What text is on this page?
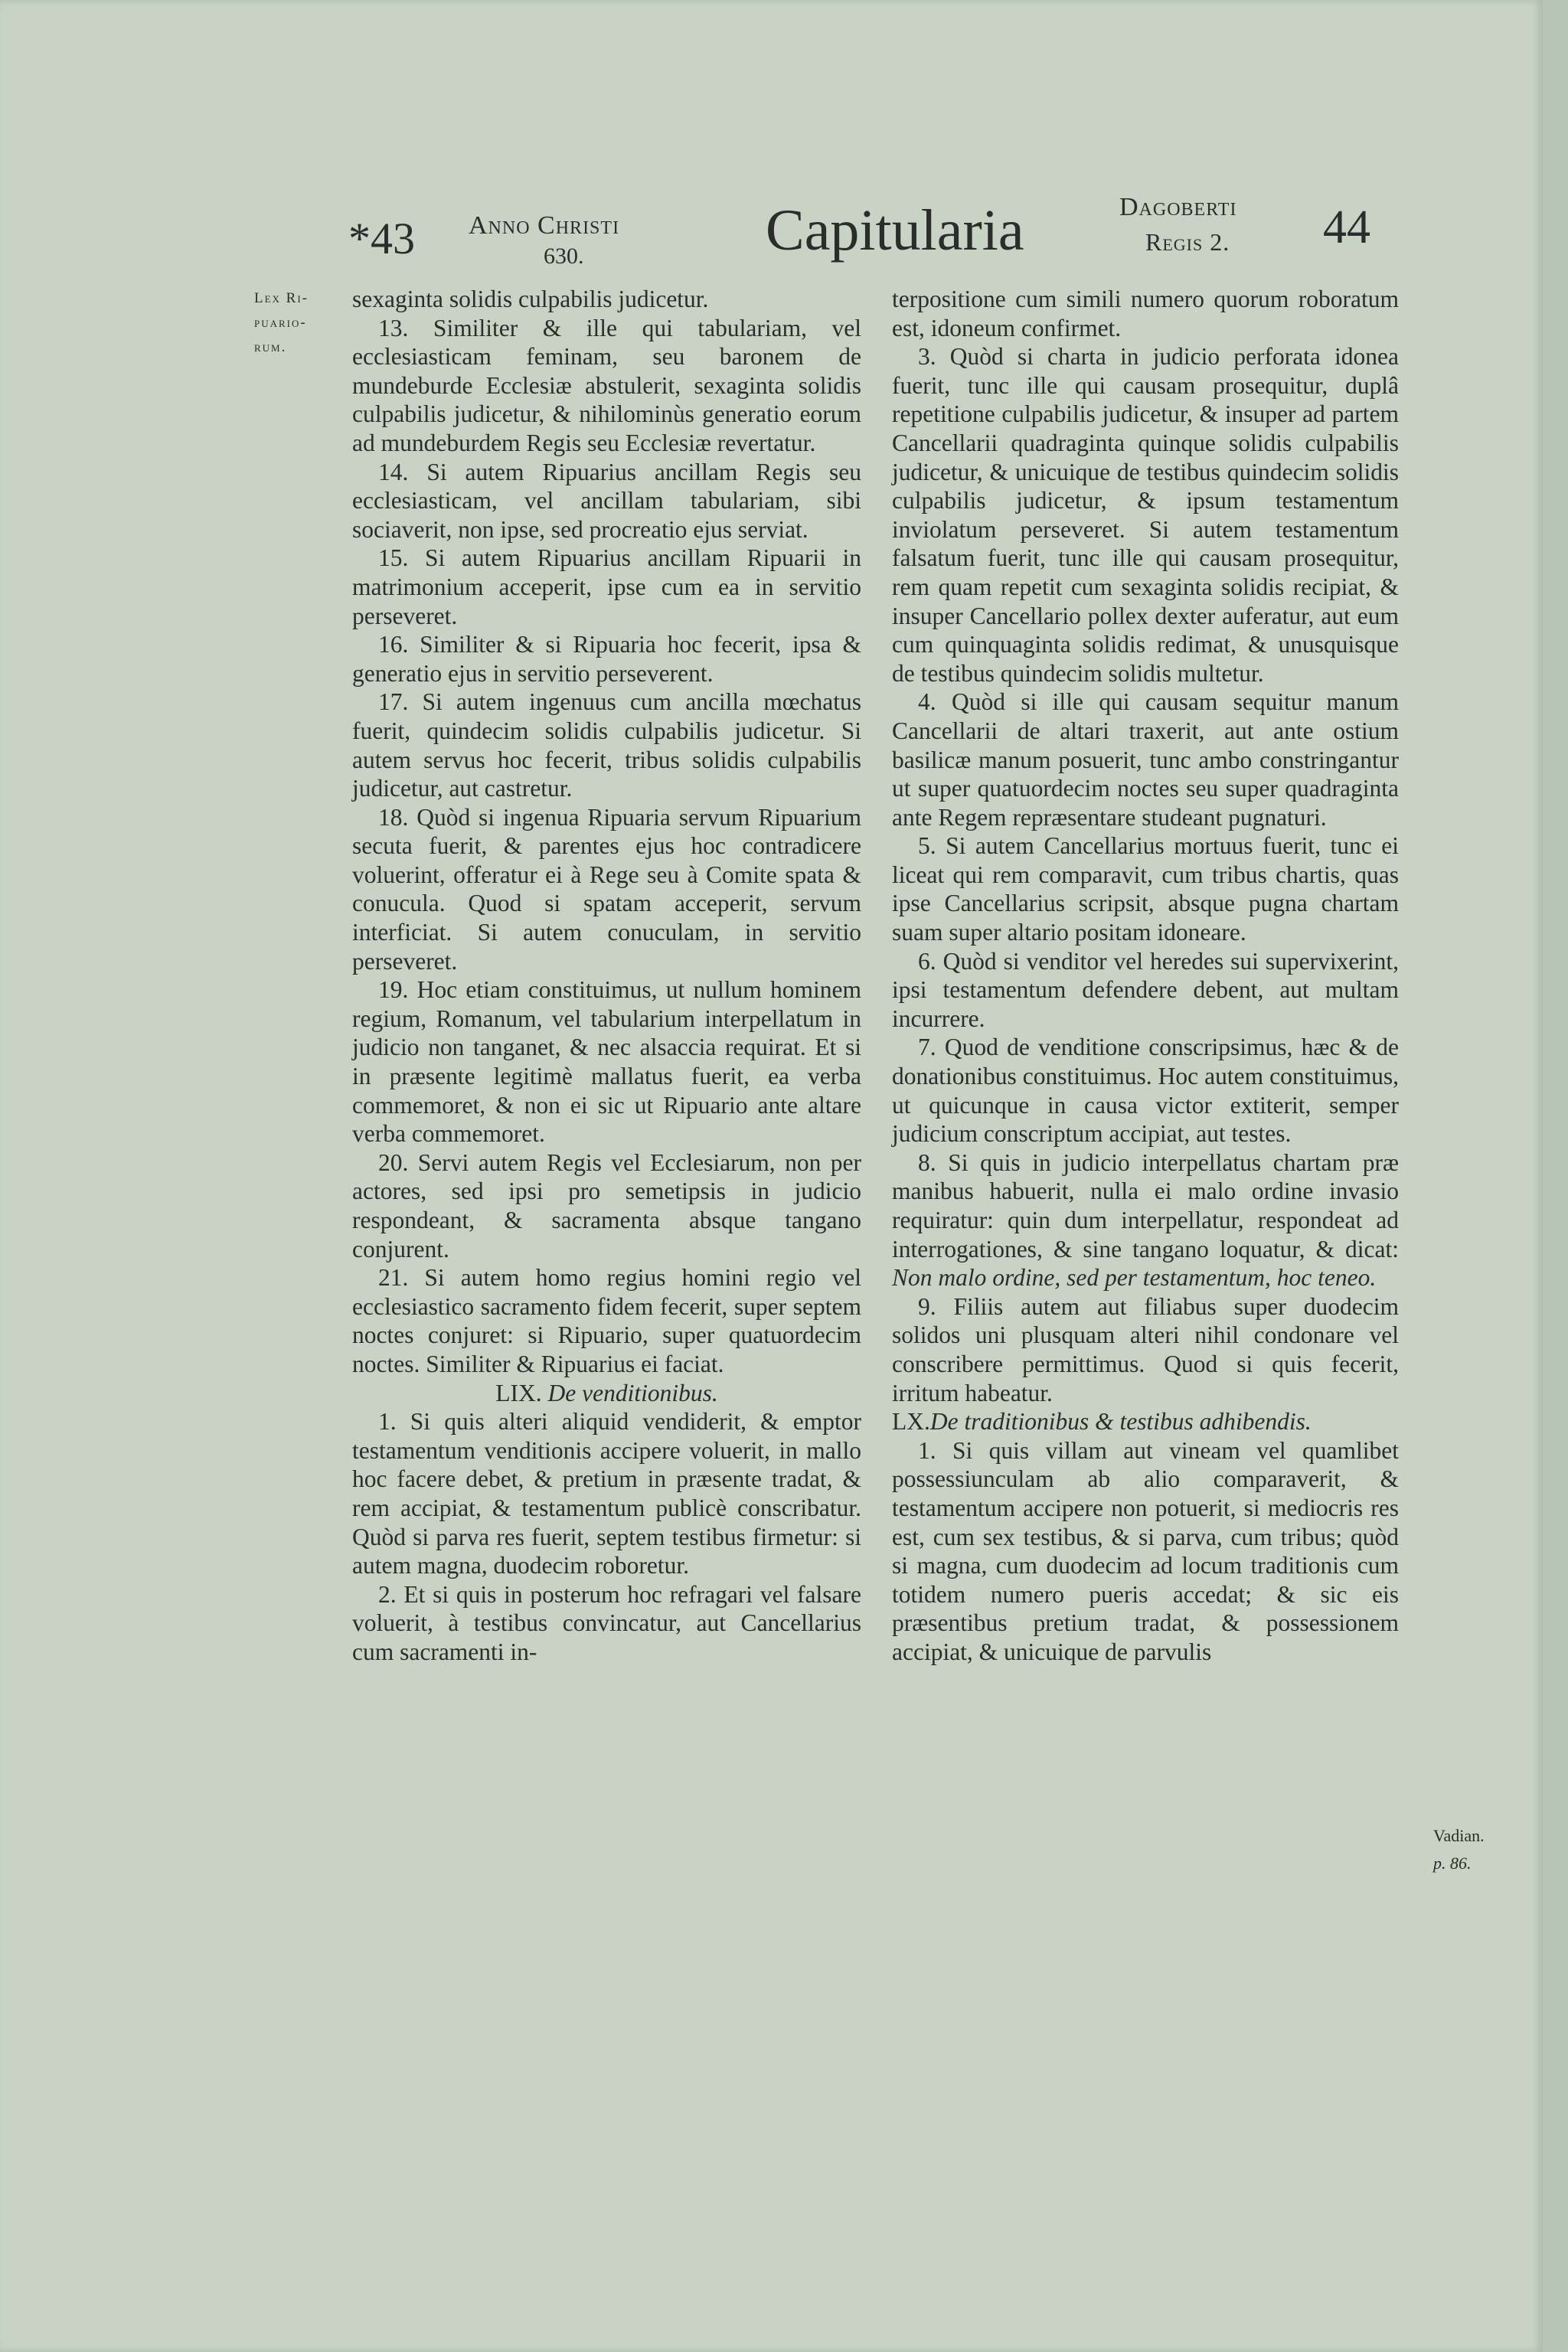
*43 Anno Christi
630.	Capitularia	Dagoberti
Regis 2. 44
Lex Ri-
puario-
rum.
Vadian.
p. 86.

sexaginta solidis culpabilis judicetur.

13. Similiter & ille qui tabulariam, vel ecclesiasticam feminam, seu baronem de mundeburde Ecclesiæ abstulerit, sexaginta solidis culpabilis judicetur, & nihilominùs generatio eorum ad mundeburdem Regis seu Ecclesiæ revertatur.

14. Si autem Ripuarius ancillam Regis seu ecclesiasticam, vel ancillam tabulariam, sibi sociaverit, non ipse, sed procreatio ejus serviat.

15. Si autem Ripuarius ancillam Ripuarii in matrimonium acceperit, ipse cum ea in servitio perseveret.

16. Similiter & si Ripuaria hoc fecerit, ipsa & generatio ejus in servitio perseverent.

17. Si autem ingenuus cum ancilla mœchatus fuerit, quindecim solidis culpabilis judicetur. Si autem servus hoc fecerit, tribus solidis culpabilis judicetur, aut castretur.

18. Quòd si ingenua Ripuaria servum Ripuarium secuta fuerit, & parentes ejus hoc contradicere voluerint, offeratur ei à Rege seu à Comite spata & conucula. Quod si spatam acceperit, servum interficiat. Si autem conuculam, in servitio perseveret.

19. Hoc etiam constituimus, ut nullum hominem regium, Romanum, vel tabularium interpellatum in judicio non tanganet, & nec alsaccia requirat. Et si in præsente legitimè mallatus fuerit, ea verba commemoret, & non ei sic ut Ripuario ante altare verba commemoret.

20. Servi autem Regis vel Ecclesiarum, non per actores, sed ipsi pro semetipsis in judicio respondeant, & sacramenta absque tangano conjurent.

21. Si autem homo regius homini regio vel ecclesiastico sacramento fidem fecerit, super septem noctes conjuret: si Ripuario, super quatuordecim noctes. Similiter & Ripuarius ei faciat.

LIX. De venditionibus.

1. Si quis alteri aliquid vendiderit, & emptor testamentum venditionis accipere voluerit, in mallo hoc facere debet, & pretium in præsente tradat, & rem accipiat, & testamentum publicè conscribatur. Quòd si parva res fuerit, septem testibus firmetur: si autem magna, duodecim roboretur.

2. Et si quis in posterum hoc refragari vel falsare voluerit, à testibus convincatur, aut Cancellarius cum sacramenti in-

terpositione cum simili numero quorum roboratum est, idoneum confirmet.

3. Quòd si charta in judicio perforata idonea fuerit, tunc ille qui causam prosequitur, duplâ repetitione culpabilis judicetur, & insuper ad partem Cancellarii quadraginta quinque solidis culpabilis judicetur, & unicuique de testibus quindecim solidis culpabilis judicetur, & ipsum testamentum inviolatum perseveret. Si autem testamentum falsatum fuerit, tunc ille qui causam prosequitur, rem quam repetit cum sexaginta solidis recipiat, & insuper Cancellario pollex dexter auferatur, aut eum cum quinquaginta solidis redimat, & unusquisque de testibus quindecim solidis multetur.

4. Quòd si ille qui causam sequitur manum Cancellarii de altari traxerit, aut ante ostium basilicæ manum posuerit, tunc ambo constringantur ut super quatuordecim noctes seu super quadraginta ante Regem repræsentare studeant pugnaturi.

5. Si autem Cancellarius mortuus fuerit, tunc ei liceat qui rem comparavit, cum tribus chartis, quas ipse Cancellarius scripsit, absque pugna chartam suam super altario positam idoneare.

6. Quòd si venditor vel heredes sui supervixerint, ipsi testamentum defendere debent, aut multam incurrere.

7. Quod de venditione conscripsimus, hæc & de donationibus constituimus. Hoc autem constituimus, ut quicunque in causa victor extiterit, semper judicium conscriptum accipiat, aut testes.

8. Si quis in judicio interpellatus chartam præ manibus habuerit, nulla ei malo ordine invasio requiratur: quin dum interpellatur, respondeat ad interrogationes, & sine tangano loquatur, & dicat: Non malo ordine, sed per testamentum, hoc teneo.

9. Filiis autem aut filiabus super duodecim solidos uni plusquam alteri nihil condonare vel conscribere permittimus. Quod si quis fecerit, irritum habeatur.

LX.De traditionibus & testibus adhibendis.

1. Si quis villam aut vineam vel quamlibet possessiunculam ab alio comparaverit, & testamentum accipere non potuerit, si mediocris res est, cum sex testibus, & si parva, cum tribus; quòd si magna, cum duodecim ad locum traditionis cum totidem numero pueris accedat; & sic eis præsentibus pretium tradat, & possessionem accipiat, & unicuique de parvulis
